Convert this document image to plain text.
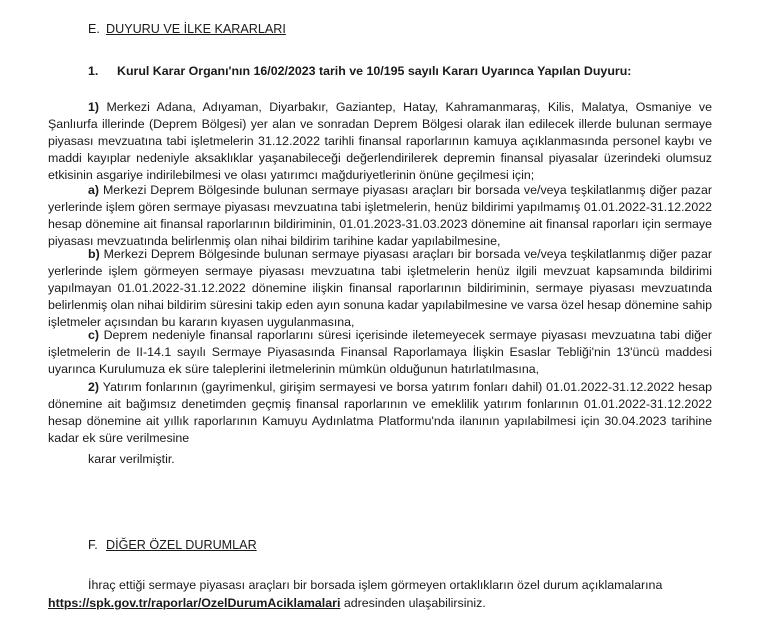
E. DUYURU VE İLKE KARARLARI
1. Kurul Karar Organı'nın 16/02/2023 tarih ve 10/195 sayılı Kararı Uyarınca Yapılan Duyuru:

1) Merkezi Adana, Adıyaman, Diyarbakır, Gaziantep, Hatay, Kahramanmaraş, Kilis, Malatya, Osmaniye ve Şanlıurfa illerinde (Deprem Bölgesi) yer alan ve sonradan Deprem Bölgesi olarak ilan edilecek illerde bulunan sermaye piyasası mevzuatına tabi işletmelerin 31.12.2022 tarihli finansal raporlarının kamuya açıklanmasında personel kaybı ve maddi kayıplar nedeniyle aksaklıklar yaşanabileceği değerlendirilerek depremin finansal piyasalar üzerindeki olumsuz etkisinin asgariye indirilebilmesi ve olası yatırımcı mağduriyetlerinin önüne geçilmesi için;

a) Merkezi Deprem Bölgesinde bulunan sermaye piyasası araçları bir borsada ve/veya teşkilatlanmış diğer pazar yerlerinde işlem gören sermaye piyasası mevzuatına tabi işletmelerin, henüz bildirimi yapılmamış 01.01.2022-31.12.2022 hesap dönemine ait finansal raporlarının bildiriminin, 01.01.2023-31.03.2023 dönemine ait finansal raporları için sermaye piyasası mevzuatında belirlenmiş olan nihai bildirim tarihine kadar yapılabilmesine,

b) Merkezi Deprem Bölgesinde bulunan sermaye piyasası araçları bir borsada ve/veya teşkilatlanmış diğer pazar yerlerinde işlem görmeyen sermaye piyasası mevzuatına tabi işletmelerin henüz ilgili mevzuat kapsamında bildirimi yapılmayan 01.01.2022-31.12.2022 dönemine ilişkin finansal raporlarının bildiriminin, sermaye piyasası mevzuatında belirlenmiş olan nihai bildirim süresini takip eden ayın sonuna kadar yapılabilmesine ve varsa özel hesap dönemine sahip işletmeler açısından bu kararın kıyasen uygulanmasına,

c) Deprem nedeniyle finansal raporlarını süresi içerisinde iletemeyecek sermaye piyasası mevzuatına tabi diğer işletmelerin de II-14.1 sayılı Sermaye Piyasasında Finansal Raporlamaya İlişkin Esaslar Tebliği'nin 13'üncü maddesi uyarınca Kurulumuza ek süre taleplerini iletmelerinin mümkün olduğunun hatırlatılmasına,

2) Yatırım fonlarının (gayrimenkul, girişim sermayesi ve borsa yatırım fonları dahil) 01.01.2022-31.12.2022 hesap dönemine ait bağımsız denetimden geçmiş finansal raporlarının ve emeklilik yatırım fonlarının 01.01.2022-31.12.2022 hesap dönemine ait yıllık raporlarının Kamuyu Aydınlatma Platformu'nda ilanının yapılabilmesi için 30.04.2023 tarihine kadar ek süre verilmesine

karar verilmiştir.
F. DİĞER ÖZEL DURUMLAR

İhraç ettiği sermaye piyasası araçları bir borsada işlem görmeyen ortaklıkların özel durum açıklamalarına

https://spk.gov.tr/raporlar/OzelDurumAciklamalari adresinden ulaşabilirsiniz.
